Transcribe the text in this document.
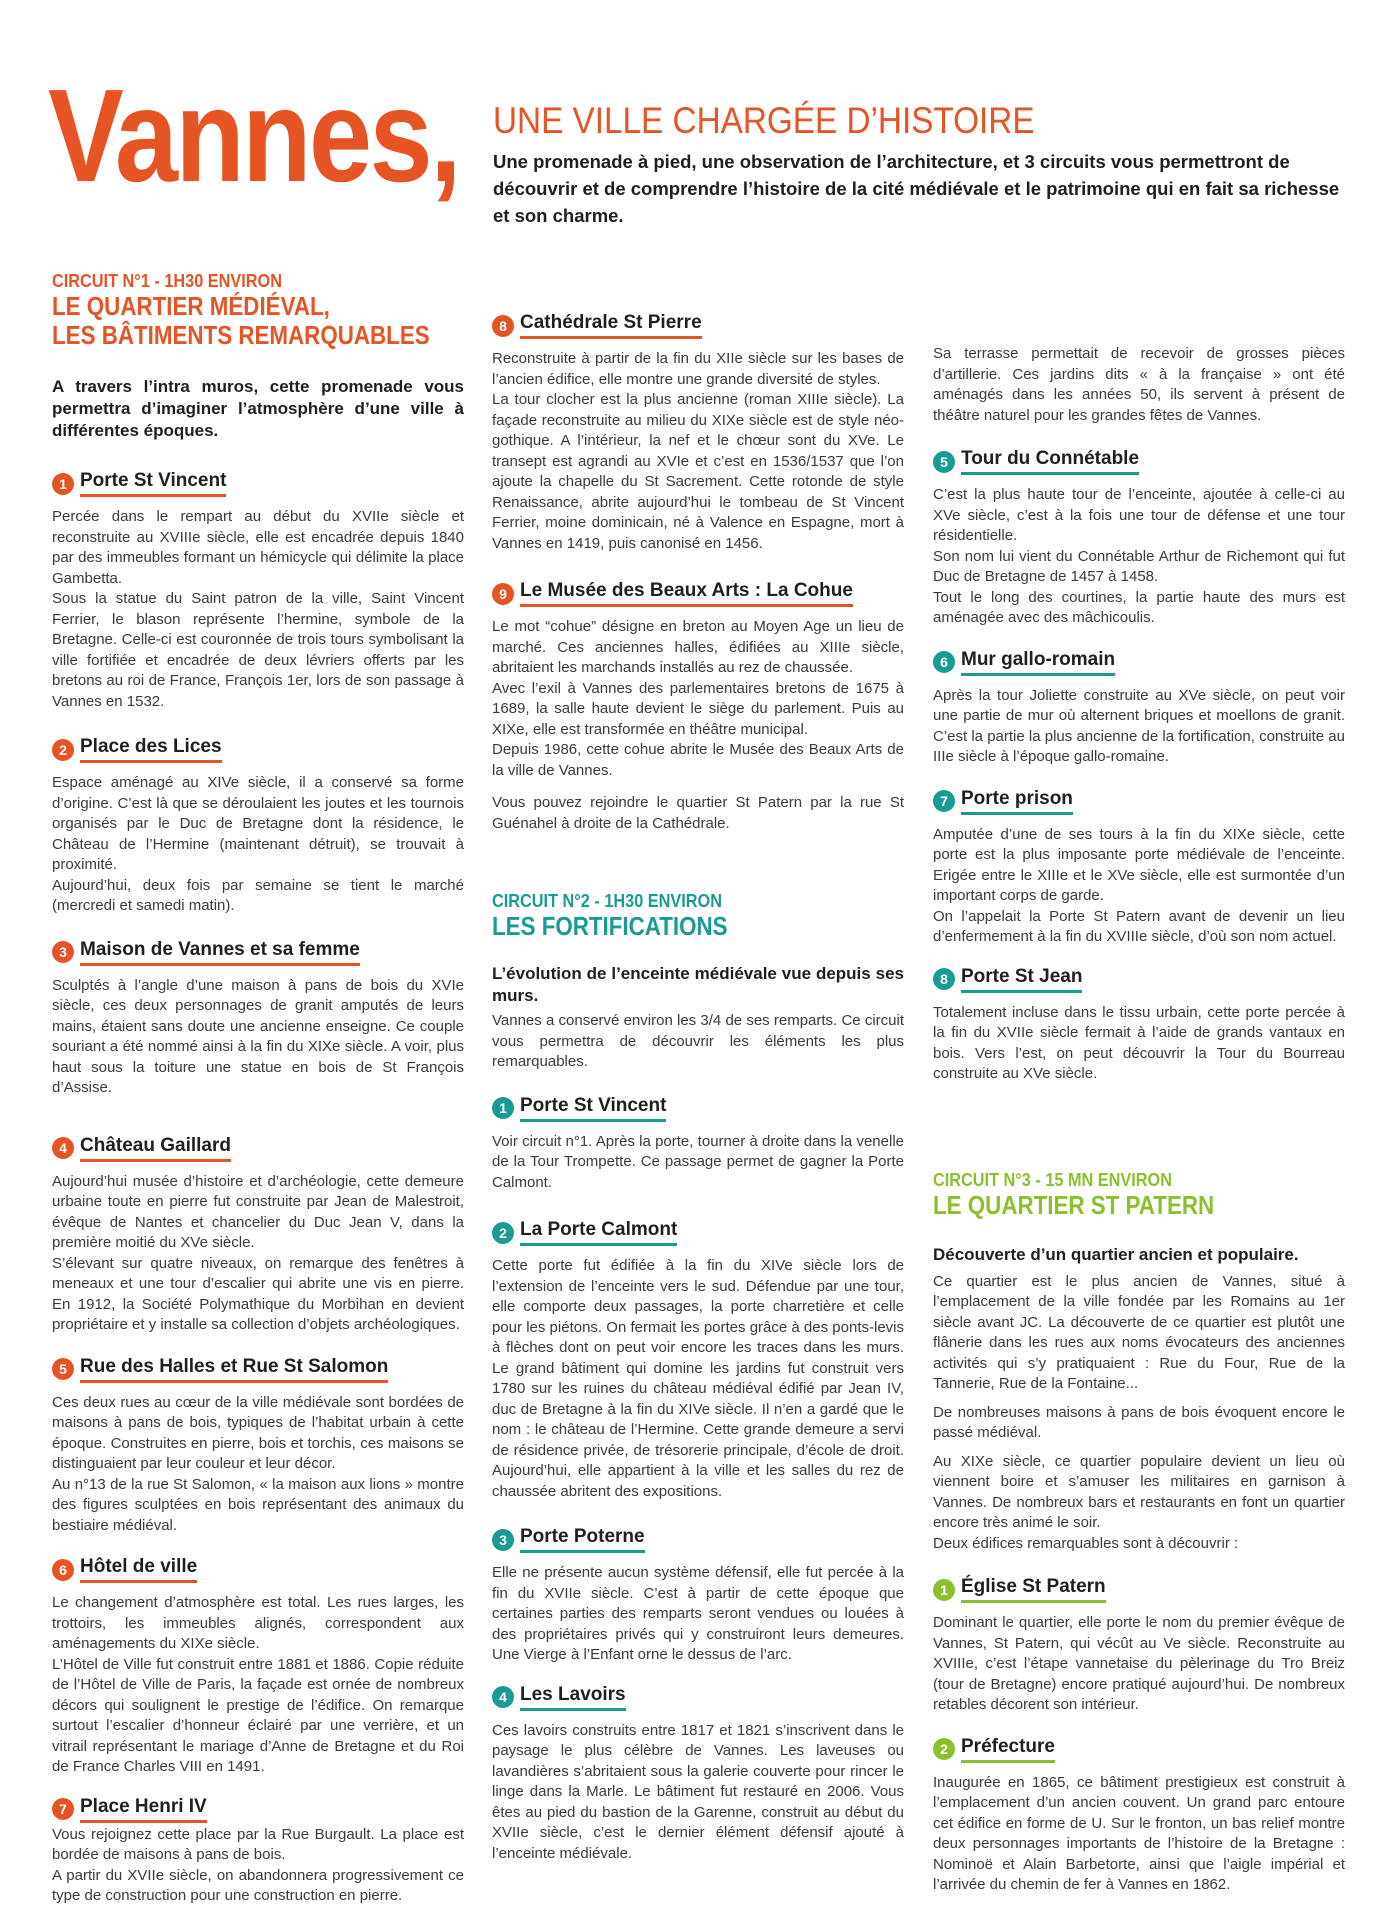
Vannes, UNE VILLE CHARGÉE D’HISTOIRE
Une promenade à pied, une observation de l’architecture, et 3 circuits vous permettront de découvrir et de comprendre l’histoire de la cité médiévale et le patrimoine qui en fait sa richesse et son charme.
CIRCUIT N°1 - 1H30 ENVIRON
LE QUARTIER MÉDIÉVAL,
LES BÂTIMENTS REMARQUABLES
A travers l’intra muros, cette promenade vous permettra d’imaginer l’atmosphère d’une ville à différentes époques.
1 Porte St Vincent
Percée dans le rempart au début du XVIIe siècle et reconstruite au XVIIIe siècle, elle est encadrée depuis 1840 par des immeubles formant un hémicycle qui délimite la place Gambetta.
Sous la statue du Saint patron de la ville, Saint Vincent Ferrier, le blason représente l’hermine, symbole de la Bretagne. Celle-ci est couronnée de trois tours symbolisant la ville fortifiée et encadrée de deux lévriers offerts par les bretons au roi de France, François 1er, lors de son passage à Vannes en 1532.
2 Place des Lices
Espace aménagé au XIVe siècle, il a conservé sa forme d’origine. C’est là que se déroulaient les joutes et les tournois organisés par le Duc de Bretagne dont la résidence, le Château de l’Hermine (maintenant détruit), se trouvait à proximité.
Aujourd’hui, deux fois par semaine se tient le marché (mercredi et samedi matin).
3 Maison de Vannes et sa femme
Sculptés à l’angle d’une maison à pans de bois du XVIe siècle, ces deux personnages de granit amputés de leurs mains, étaient sans doute une ancienne enseigne. Ce couple souriant a été nommé ainsi à la fin du XIXe siècle. A voir, plus haut sous la toiture une statue en bois de St François d’Assise.
4 Château Gaillard
Aujourd’hui musée d’histoire et d’archéologie, cette demeure urbaine toute en pierre fut construite par Jean de Malestroit, évêque de Nantes et chancelier du Duc Jean V, dans la première moitié du XVe siècle.
S’élevant sur quatre niveaux, on remarque des fenêtres à meneaux et une tour d’escalier qui abrite une vis en pierre. En 1912, la Société Polymathique du Morbihan en devient propriétaire et y installe sa collection d’objets archéologiques.
5 Rue des Halles et Rue St Salomon
Ces deux rues au cœur de la ville médiévale sont bordées de maisons à pans de bois, typiques de l’habitat urbain à cette époque. Construites en pierre, bois et torchis, ces maisons se distinguaient par leur couleur et leur décor.
Au n°13 de la rue St Salomon, « la maison aux lions » montre des figures sculptées en bois représentant des animaux du bestiaire médiéval.
6 Hôtel de ville
Le changement d’atmosphère est total. Les rues larges, les trottoirs, les immeubles alignés, correspondent aux aménagements du XIXe siècle.
L’Hôtel de Ville fut construit entre 1881 et 1886. Copie réduite de l’Hôtel de Ville de Paris, la façade est ornée de nombreux décors qui soulignent le prestige de l’édifice. On remarque surtout l’escalier d’honneur éclairé par une verrière, et un vitrail représentant le mariage d’Anne de Bretagne et du Roi de France Charles VIII en 1491.
7 Place Henri IV
Vous rejoignez cette place par la Rue Burgault. La place est bordée de maisons à pans de bois.
A partir du XVIIe siècle, on abandonnera progressivement ce type de construction pour une construction en pierre.
8 Cathédrale St Pierre
Reconstruite à partir de la fin du XIIe siècle sur les bases de l’ancien édifice, elle montre une grande diversité de styles.
La tour clocher est la plus ancienne (roman XIIIe siècle). La façade reconstruite au milieu du XIXe siècle est de style néo-gothique. A l’intérieur, la nef et le chœur sont du XVe. Le transept est agrandi au XVIe et c’est en 1536/1537 que l’on ajoute la chapelle du St Sacrement. Cette rotonde de style Renaissance, abrite aujourd’hui le tombeau de St Vincent Ferrier, moine dominicain, né à Valence en Espagne, mort à Vannes en 1419, puis canonisé en 1456.
9 Le Musée des Beaux Arts : La Cohue
Le mot “cohue” désigne en breton au Moyen Age un lieu de marché. Ces anciennes halles, édifiées au XIIIe siècle, abritaient les marchands installés au rez de chaussée.
Avec l’exil à Vannes des parlementaires bretons de 1675 à 1689, la salle haute devient le siège du parlement. Puis au XIXe, elle est transformée en théâtre municipal.
Depuis 1986, cette cohue abrite le Musée des Beaux Arts de la ville de Vannes.
Vous pouvez rejoindre le quartier St Patern par la rue St Guénahel à droite de la Cathédrale.
CIRCUIT N°2 - 1H30 ENVIRON
LES FORTIFICATIONS
L’évolution de l’enceinte médiévale vue depuis ses murs.
Vannes a conservé environ les 3/4 de ses remparts. Ce circuit vous permettra de découvrir les éléments les plus remarquables.
1 Porte St Vincent
Voir circuit n°1. Après la porte, tourner à droite dans la venelle de la Tour Trompette. Ce passage permet de gagner la Porte Calmont.
2 La Porte Calmont
Cette porte fut édifiée à la fin du XIVe siècle lors de l’extension de l’enceinte vers le sud. Défendue par une tour, elle comporte deux passages, la porte charretière et celle pour les piétons. On fermait les portes grâce à des ponts-levis à flèches dont on peut voir encore les traces dans les murs. Le grand bâtiment qui domine les jardins fut construit vers 1780 sur les ruines du château médiéval édifié par Jean IV, duc de Bretagne à la fin du XIVe siècle. Il n’en a gardé que le nom : le château de l’Hermine. Cette grande demeure a servi de résidence privée, de trésorerie principale, d’école de droit. Aujourd’hui, elle appartient à la ville et les salles du rez de chaussée abritent des expositions.
3 Porte Poterne
Elle ne présente aucun système défensif, elle fut percée à la fin du XVIIe siècle. C’est à partir de cette époque que certaines parties des remparts seront vendues ou louées à des propriétaires privés qui y construiront leurs demeures. Une Vierge à l’Enfant orne le dessus de l’arc.
4 Les Lavoirs
Ces lavoirs construits entre 1817 et 1821 s’inscrivent dans le paysage le plus célèbre de Vannes. Les laveuses ou lavandières s’abritaient sous la galerie couverte pour rincer le linge dans la Marle. Le bâtiment fut restauré en 2006. Vous êtes au pied du bastion de la Garenne, construit au début du XVIIe siècle, c’est le dernier élément défensif ajouté à l’enceinte médiévale.
Sa terrasse permettait de recevoir de grosses pièces d’artillerie. Ces jardins dits « à la française » ont été aménagés dans les années 50, ils servent à présent de théâtre naturel pour les grandes fêtes de Vannes.
5 Tour du Connétable
C’est la plus haute tour de l’enceinte, ajoutée à celle-ci au XVe siècle, c’est à la fois une tour de défense et une tour résidentielle.
Son nom lui vient du Connétable Arthur de Richemont qui fut Duc de Bretagne de 1457 à 1458.
Tout le long des courtines, la partie haute des murs est aménagée avec des mâchicoulis.
6 Mur gallo-romain
Après la tour Joliette construite au XVe siècle, on peut voir une partie de mur où alternent briques et moellons de granit. C’est la partie la plus ancienne de la fortification, construite au IIIe siècle à l’époque gallo-romaine.
7 Porte prison
Amputée d’une de ses tours à la fin du XIXe siècle, cette porte est la plus imposante porte médiévale de l’enceinte. Erigée entre le XIIIe et le XVe siècle, elle est surmontée d’un important corps de garde.
On l’appelait la Porte St Patern avant de devenir un lieu d’enfermement à la fin du XVIIIe siècle, d’où son nom actuel.
8 Porte St Jean
Totalement incluse dans le tissu urbain, cette porte percée à la fin du XVIIe siècle fermait à l’aide de grands vantaux en bois. Vers l’est, on peut découvrir la Tour du Bourreau construite au XVe siècle.
CIRCUIT N°3 - 15 MN ENVIRON
LE QUARTIER ST PATERN
Découverte d’un quartier ancien et populaire.
Ce quartier est le plus ancien de Vannes, situé à l’emplacement de la ville fondée par les Romains au 1er siècle avant JC. La découverte de ce quartier est plutôt une flânerie dans les rues aux noms évocateurs des anciennes activités qui s’y pratiquaient : Rue du Four, Rue de la Tannerie, Rue de la Fontaine...
De nombreuses maisons à pans de bois évoquent encore le passé médiéval.
Au XIXe siècle, ce quartier populaire devient un lieu où viennent boire et s’amuser les militaires en garnison à Vannes. De nombreux bars et restaurants en font un quartier encore très animé le soir.
Deux édifices remarquables sont à découvrir :
1 Église St Patern
Dominant le quartier, elle porte le nom du premier évêque de Vannes, St Patern, qui vécût au Ve siècle. Reconstruite au XVIIIe, c’est l’étape vannetaise du pèlerinage du Tro Breiz (tour de Bretagne) encore pratiqué aujourd’hui. De nombreux retables décorent son intérieur.
2 Préfecture
Inaugurée en 1865, ce bâtiment prestigieux est construit à l’emplacement d’un ancien couvent. Un grand parc entoure cet édifice en forme de U. Sur le fronton, un bas relief montre deux personnages importants de l’histoire de la Bretagne : Nominoë et Alain Barbetorte, ainsi que l’aigle impérial et l’arrivée du chemin de fer à Vannes en 1862.
